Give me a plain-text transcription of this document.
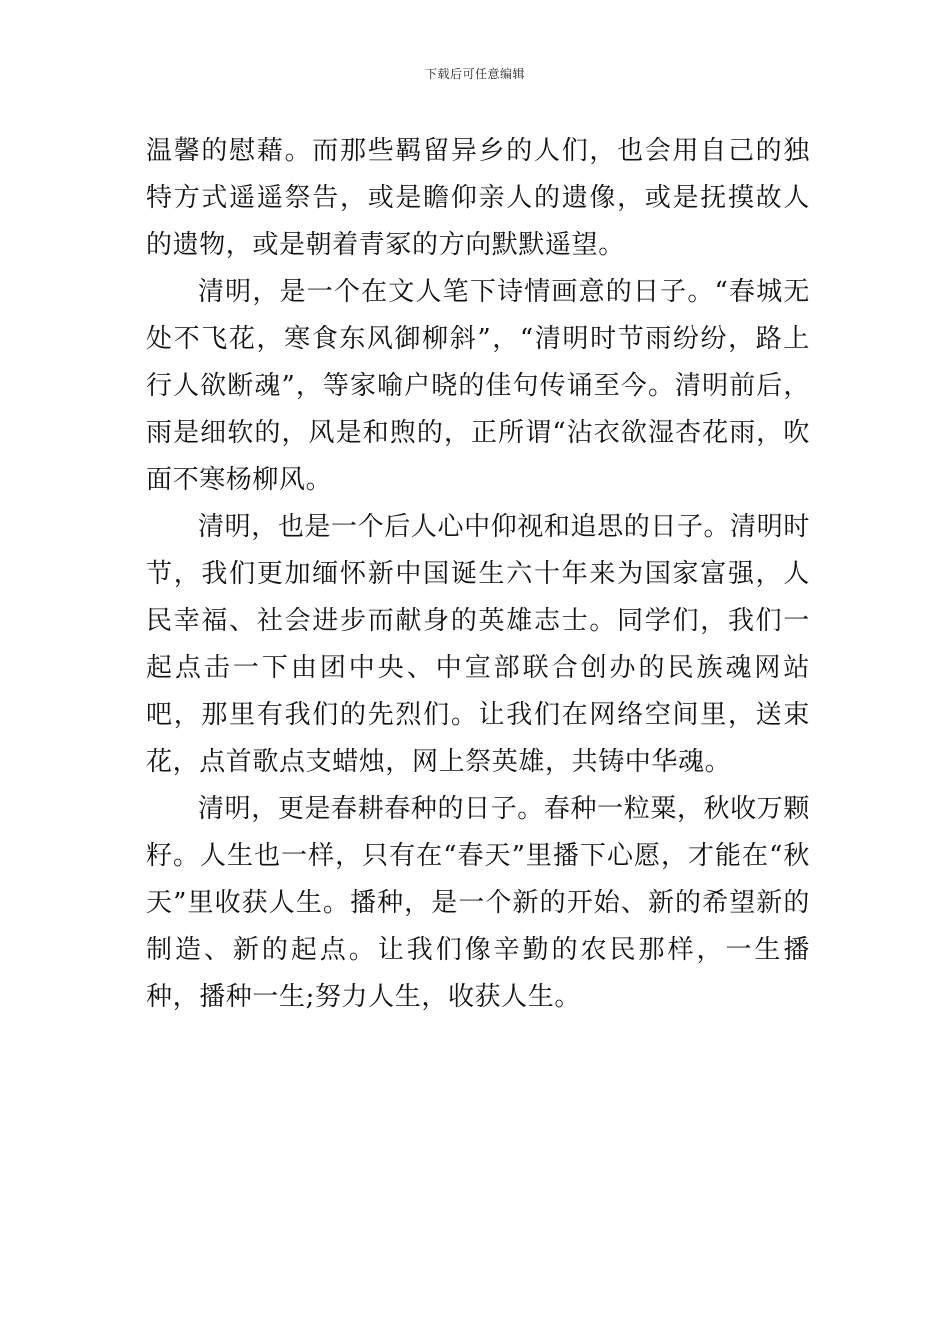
下载后可任意编辑

温馨的慰藉。而那些羁留异乡的人们，也会用自己的独特方式遥遥祭告，或是瞻仰亲人的遗像，或是抚摸故人的遗物，或是朝着青冢的方向默默遥望。

清明，是一个在文人笔下诗情画意的日子。“春城无处不飞花，寒食东风御柳斜”，“清明时节雨纷纷，路上行人欲断魂”，等家喻户晓的佳句传诵至今。清明前后，雨是细软的，风是和煦的，正所谓“沾衣欲湿杏花雨，吹面不寒杨柳风。

清明，也是一个后人心中仰视和追思的日子。清明时节，我们更加缅怀新中国诞生六十年来为国家富强，人民幸福、社会进步而献身的英雄志士。同学们，我们一起点击一下由团中央、中宣部联合创办的民族魂网站吧，那里有我们的先烈们。让我们在网络空间里，送束花，点首歌点支蜡烛，网上祭英雄，共铸中华魂。

清明，更是春耕春种的日子。春种一粒粟，秋收万颗籽。人生也一样，只有在“春天”里播下心愿，才能在“秋天”里收获人生。播种，是一个新的开始、新的希望新的制造、新的起点。让我们像辛勤的农民那样，一生播种，播种一生;努力人生，收获人生。
